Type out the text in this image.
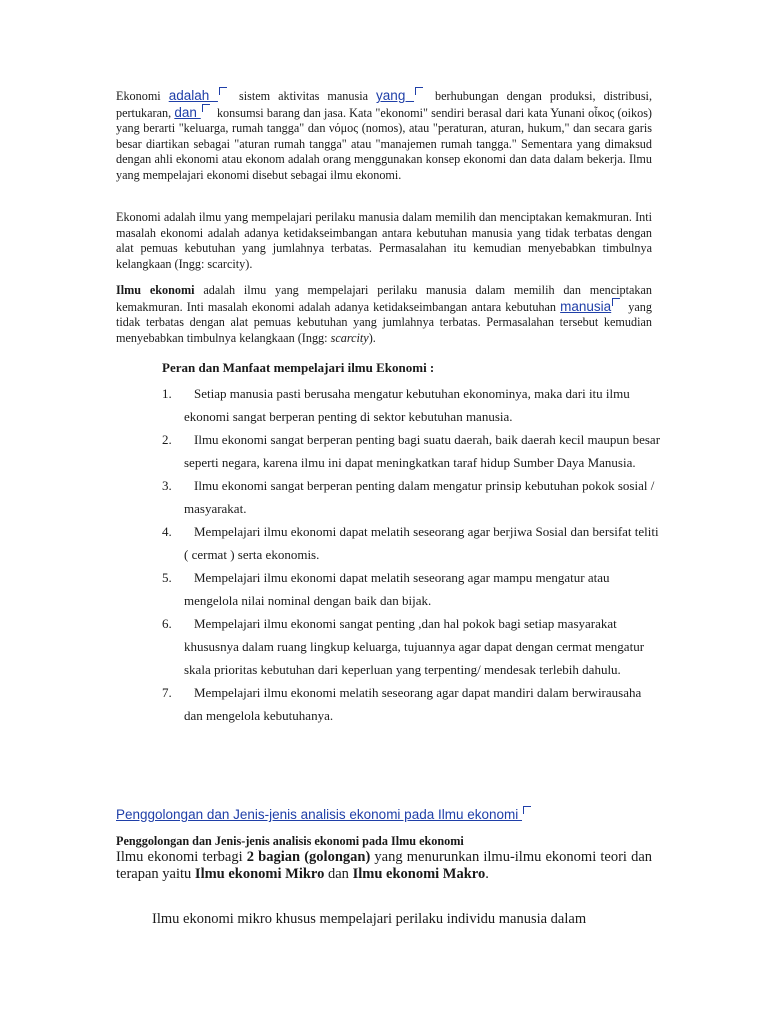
Ekonomi adalah  sistem aktivitas manusia yang  berhubungan dengan produksi, distribusi, pertukaran, dan  konsumsi barang dan jasa. Kata "ekonomi" sendiri berasal dari kata Yunani οἶκος (oikos) yang berarti "keluarga, rumah tangga" dan νόμος (nomos), atau "peraturan, aturan, hukum," dan secara garis besar diartikan sebagai "aturan rumah tangga" atau "manajemen rumah tangga." Sementara yang dimaksud dengan ahli ekonomi atau ekonom adalah orang menggunakan konsep ekonomi dan data dalam bekerja. Ilmu yang mempelajari ekonomi disebut sebagai ilmu ekonomi.

Ekonomi adalah ilmu yang mempelajari perilaku manusia dalam memilih dan menciptakan kemakmuran. Inti masalah ekonomi adalah adanya ketidakseimbangan antara kebutuhan manusia yang tidak terbatas dengan alat pemuas kebutuhan yang jumlahnya terbatas. Permasalahan itu kemudian menyebabkan timbulnya kelangkaan (Ingg: scarcity).

Ilmu ekonomi adalah ilmu yang mempelajari perilaku manusia dalam memilih dan menciptakan kemakmuran. Inti masalah ekonomi adalah adanya ketidakseimbangan antara kebutuhan manusia yang tidak terbatas dengan alat pemuas kebutuhan yang jumlahnya terbatas. Permasalahan tersebut kemudian menyebabkan timbulnya kelangkaan (Ingg: scarcity).

Peran dan Manfaat mempelajari ilmu Ekonomi :
1.	Setiap manusia pasti berusaha mengatur kebutuhan ekonominya, maka dari itu ilmu ekonomi sangat berperan penting di sektor kebutuhan manusia.
2.	Ilmu ekonomi sangat berperan penting bagi suatu daerah, baik daerah kecil maupun besar seperti negara, karena ilmu ini dapat meningkatkan taraf hidup Sumber Daya Manusia.
3.	Ilmu ekonomi sangat berperan penting dalam mengatur prinsip kebutuhan pokok sosial / masyarakat.
4.	Mempelajari ilmu ekonomi dapat melatih seseorang agar berjiwa Sosial dan bersifat teliti ( cermat ) serta ekonomis.
5.	Mempelajari ilmu ekonomi dapat melatih seseorang agar mampu mengatur atau mengelola nilai nominal dengan baik dan bijak.
6.	Mempelajari ilmu ekonomi sangat penting ,dan hal pokok bagi setiap masyarakat khususnya dalam ruang lingkup keluarga, tujuannya agar dapat dengan cermat mengatur skala prioritas kebutuhan dari keperluan yang terpenting/ mendesak terlebih dahulu.
7.	Mempelajari ilmu ekonomi melatih seseorang agar dapat mandiri dalam berwirausaha dan mengelola kebutuhanya.
Penggolongan dan Jenis-jenis analisis ekonomi pada Ilmu ekonomi
Penggolongan dan Jenis-jenis analisis ekonomi pada Ilmu ekonomi

Ilmu ekonomi terbagi 2 bagian (golongan) yang menurunkan ilmu-ilmu ekonomi teori dan terapan yaitu Ilmu ekonomi Mikro dan Ilmu ekonomi Makro.

Ilmu ekonomi mikro khusus mempelajari perilaku individu manusia dalam
